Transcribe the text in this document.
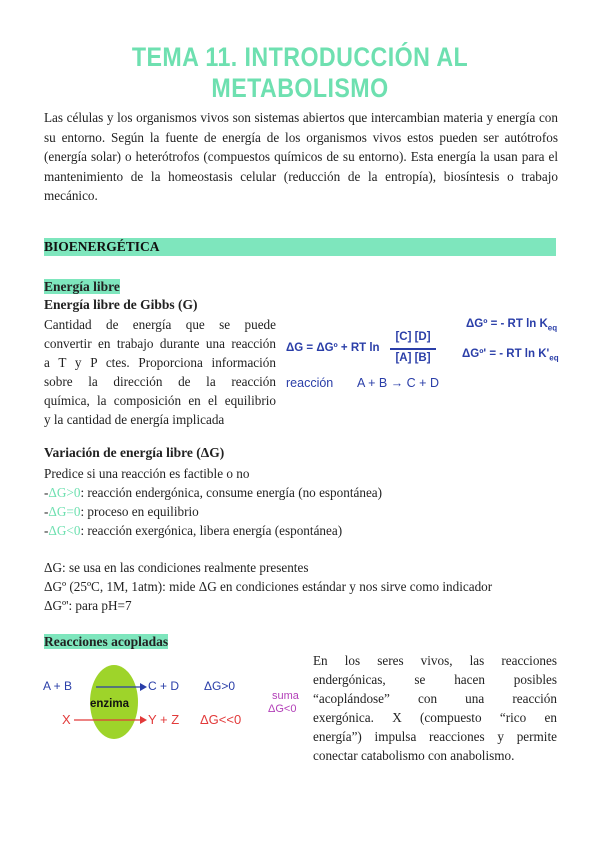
TEMA 11. INTRODUCCIÓN AL METABOLISMO
Las células y los organismos vivos son sistemas abiertos que intercambian materia y energía con su entorno. Según la fuente de energía de los organismos vivos estos pueden ser autótrofos (energía solar) o heterótrofos (compuestos químicos de su entorno). Esta energía la usan para el mantenimiento de la homeostasis celular (reducción de la entropía), biosíntesis o trabajo mecánico.
BIOENERGÉTICA
Energía libre
Energía libre de Gibbs (G)
Cantidad de energía que se puede
convertir en trabajo durante una reacción
a T y P ctes. Proporciona información
sobre la dirección de la reacción
química, la composición en el equilibrio
y la cantidad de energía implicada
ΔG = ΔGº + RT ln
[C] [D]
[A] [B]
reacción A + B → C + D
ΔGº = - RT $\ln K_{eq}$
ΔGº' = - RT $\ln K'_{eq}$
Variación de energía libre (ΔG)
Predice si una reacción es factible o no
-ΔG>0: reacción endergónica, consume energía (no espontánea)
-ΔG=0: proceso en equilibrio
-ΔG<0: reacción exergónica, libera energía (espontánea)
ΔG: se usa en las condiciones realmente presentes
ΔGº (25ºC, 1M, 1atm): mide ΔG en condiciones estándar y nos sirve como indicador
ΔGº': para pH=7
Reacciones acopladas
A + B	C + D ΔG>0
enzima
X	Y + Z ΔG<<0
suma
ΔG<0
En los seres vivos, las reacciones
endergónicas, se hacen posibles
“acoplándose” con una reacción
exergónica. X (compuesto “rico en
energía”) impulsa reacciones y permite
conectar catabolismo con anabolismo.
